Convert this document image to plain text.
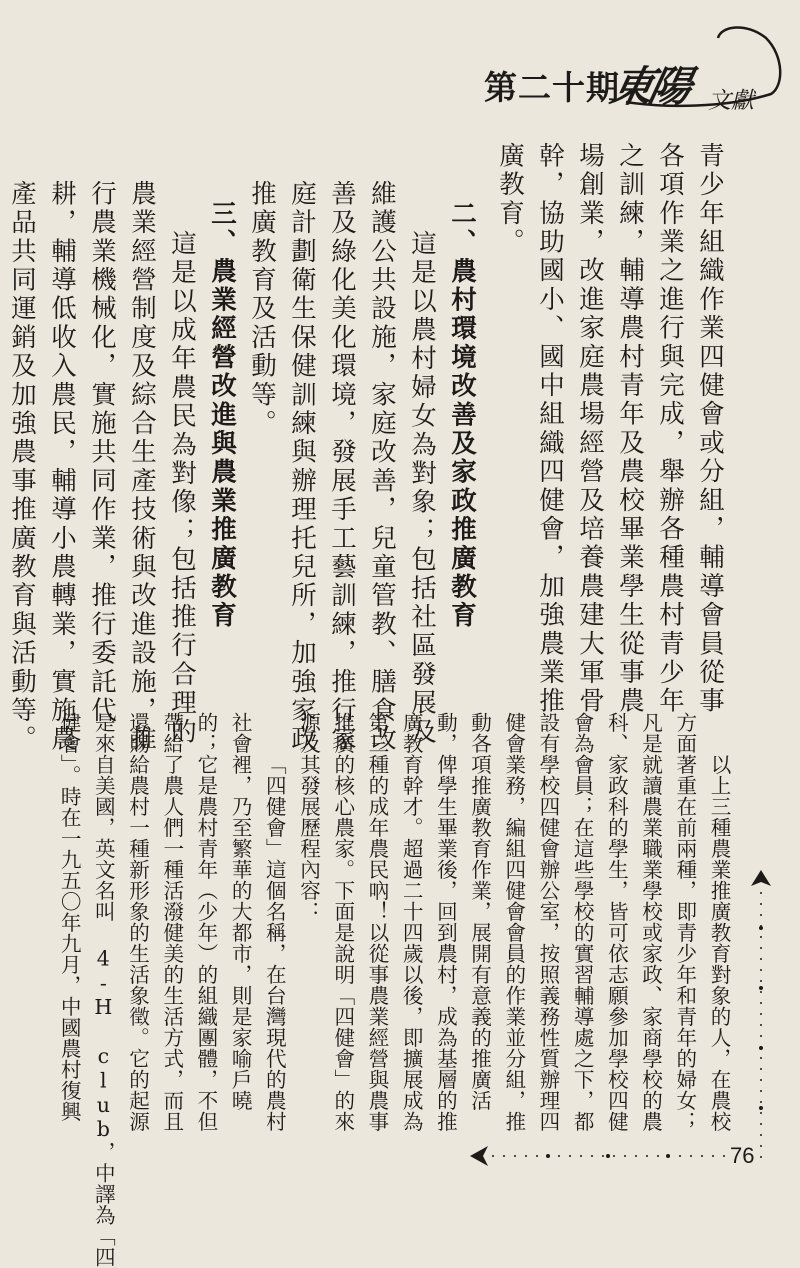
第二十期
東陽 文獻

青少年組織作業四健會或分組，輔導會員從事

各項作業之進行與完成，舉辦各種農村青少年

之訓練，輔導農村青年及農校畢業學生從事農

場創業，改進家庭農場經營及培養農建大軍骨

幹，協助國小、國中組織四健會，加強農業推

廣教育。

二、農村環境改善及家政推廣教育

這是以農村婦女為對象；包括社區發展及

維護公共設施，家庭改善，兒童管教、膳食改

善及綠化美化環境，發展手工藝訓練，推行家

庭計劃衛生保健訓練與辦理托兒所，加強家政

推廣教育及活動等。

三、農業經營改進與農業推廣教育

這是以成年農民為對像；包括推行合理的

農業經營制度及綜合生產技術與改進設施，推

行農業機械化，實施共同作業，推行委託代

耕，輔導低收入農民，輔導小農轉業，實施農

產品共同運銷及加強農事推廣教育與活動等。

以上三種農業推廣教育對象的人，在農校

方面著重在前兩種，即青少年和青年的婦女；

凡是就讀農業職業學校或家政、家商學校的農

科、家政科的學生，皆可依志願參加學校四健

會為會員；在這些學校的實習輔導處之下，都

設有學校四健會辦公室，按照義務性質辦理四

健會業務，編組四健會會員的作業並分組，推

動各項推廣教育作業，展開有意義的推廣活

動，俾學生畢業後，回到農村，成為基層的推

廣教育幹才。超過二十四歲以後，即擴展成為

第三種的成年農民吶！以從事農業經營與農事

推廣的核心農家。下面是說明「四健會」的來

源及其發展歷程內容：

「四健會」這個名稱，在台灣現代的農村

社會裡，乃至繁華的大都市，則是家喻戶曉

的；它是農村青年（少年）的組織團體，不但

帶給了農人們一種活潑健美的生活方式，而且

還賜給農村一種新形象的生活象徵。它的起源

是來自美國，英文名叫 4-H club，中譯為「四

健會」。時在一九五〇年九月，中國農村復興

76
